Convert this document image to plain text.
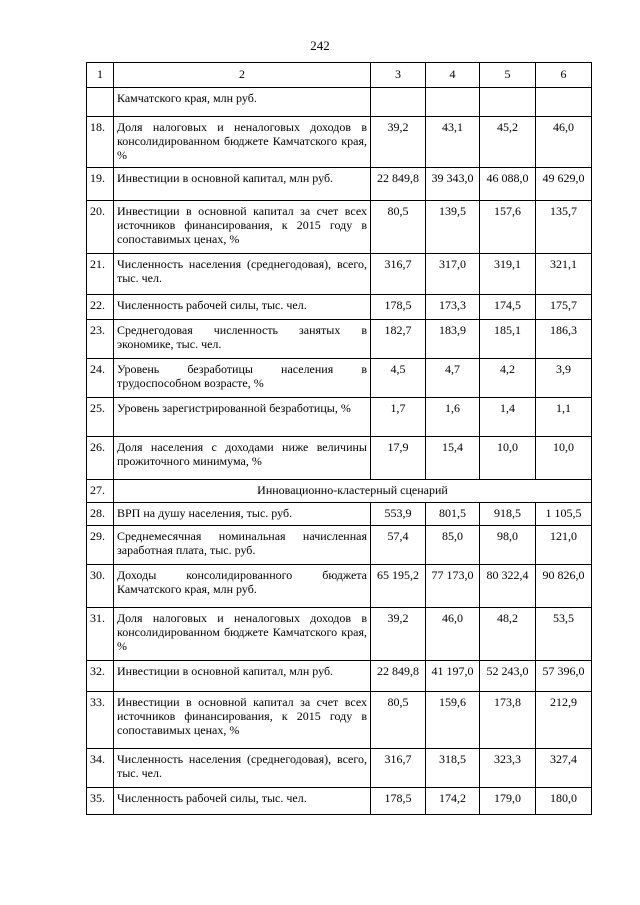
242
1	2	3	4	5	6
	Камчатского края, млн руб.				
18.	Доля налоговых и неналоговых доходов в консолидированном бюджете Камчатского края, %	39,2	43,1	45,2	46,0
19.	Инвестиции в основной капитал, млн руб.	22 849,8	39 343,0	46 088,0	49 629,0
20.	Инвестиции в основной капитал за счет всех источников финансирования, к 2015 году в сопоставимых ценах, %	80,5	139,5	157,6	135,7
21.	Численность населения (среднегодовая), всего, тыс. чел.	316,7	317,0	319,1	321,1
22.	Численность рабочей силы, тыс. чел.	178,5	173,3	174,5	175,7
23.	Среднегодовая численность занятых в экономике, тыс. чел.	182,7	183,9	185,1	186,3
24.	Уровень безработицы населения в трудоспособном возрасте, %	4,5	4,7	4,2	3,9
25.	Уровень зарегистрированной безработицы, %	1,7	1,6	1,4	1,1
26.	Доля населения с доходами ниже величины прожиточного минимума, %	17,9	15,4	10,0	10,0
27.	Инновационно-кластерный сценарий				
28.	ВРП на душу населения, тыс. руб.	553,9	801,5	918,5	1 105,5
29.	Среднемесячная номинальная начисленная заработная плата, тыс. руб.	57,4	85,0	98,0	121,0
30.	Доходы консолидированного бюджета Камчатского края, млн руб.	65 195,2	77 173,0	80 322,4	90 826,0
31.	Доля налоговых и неналоговых доходов в консолидированном бюджете Камчатского края, %	39,2	46,0	48,2	53,5
32.	Инвестиции в основной капитал, млн руб.	22 849,8	41 197,0	52 243,0	57 396,0
33.	Инвестиции в основной капитал за счет всех источников финансирования, к 2015 году в сопоставимых ценах, %	80,5	159,6	173,8	212,9
34.	Численность населения (среднегодовая), всего, тыс. чел.	316,7	318,5	323,3	327,4
35.	Численность рабочей силы, тыс. чел.	178,5	174,2	179,0	180,0
